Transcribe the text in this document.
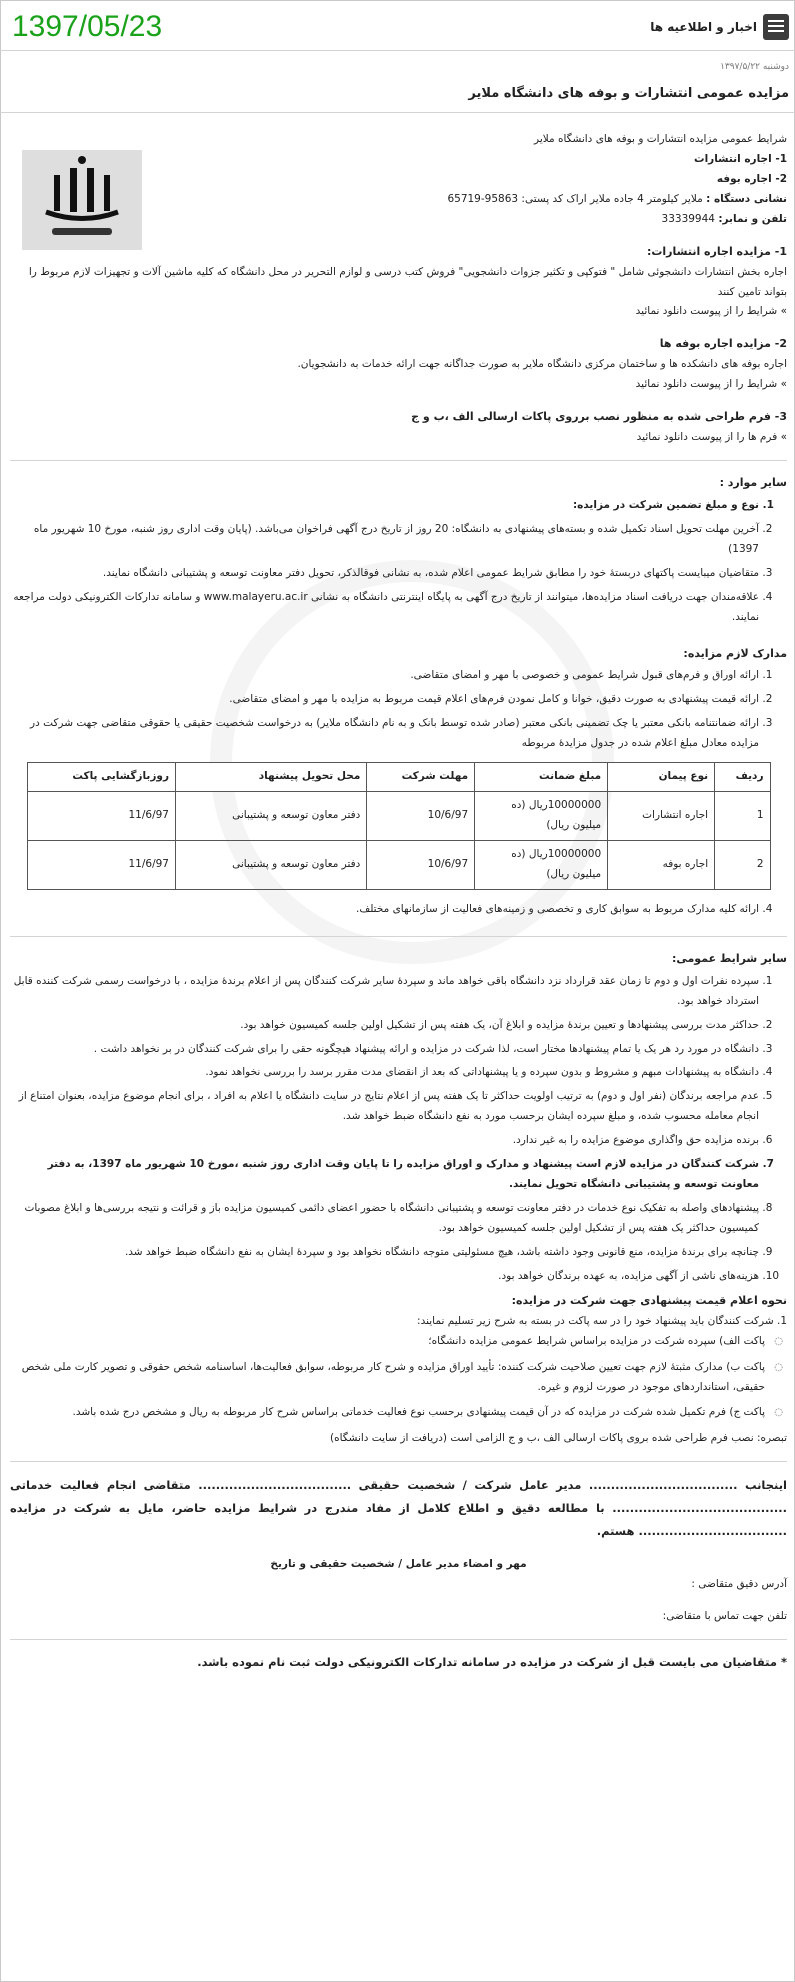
1397/05/23	اخبار و اطلاعیه ها
دوشنبه ۱۳۹۷/۵/۲۲
مزایده عمومی انتشارات و بوفه های دانشگاه ملایر

شرایط عمومی مزایده انتشارات و بوفه های دانشگاه ملایر

1- اجاره انتشارات

2- اجاره بوفه

نشانی دستگاه : ملایر کیلومتر 4 جاده ملایر اراک کد پستی: 95863-65719

تلفن و نمابر: 33339944

1- مزایده اجاره انتشارات:

اجاره بخش انتشارات دانشجوئی شامل " فتوکپی و تکثیر جزوات دانشجویی" فروش کتب درسی و لوازم التحریر در محل دانشگاه که کلیه ماشین آلات و تجهیزات لازم مربوط را بتواند تامین کنند

» شرایط را از پیوست دانلود نمائید

2- مزایده اجاره بوفه ها

اجاره بوفه های دانشکده ها و ساختمان مرکزی دانشگاه ملایر به صورت جداگانه جهت ارائه خدمات به دانشجویان.

» شرایط را از پیوست دانلود نمائید

3- فرم طراحی شده به منظور نصب برروی پاکات ارسالی الف ،ب و ج

» فرم ها را از پیوست دانلود نمائید

سایر موارد :

1. نوع و مبلغ تضمین شرکت در مزایده:
2. آخرین مهلت تحویل اسناد تکمیل شده و بسته‌های پیشنهادی به دانشگاه: 20 روز از تاریخ درج آگهی فراخوان می‌باشد. (پایان وقت اداری روز شنبه، مورخ 10 شهریور ماه 1397)
3. متقاضیان میبایست پاکتهای دربستهٔ خود را مطابق شرایط عمومی اعلام شده، به نشانی فوقالذکر، تحویل دفتر معاونت توسعه و پشتیبانی دانشگاه نمایند.
4. علاقه‌مندان جهت دریافت اسناد مزایده‌ها، میتوانند از تاریخ درج آگهی به پایگاه اینترنتی دانشگاه به نشانی www.malayeru.ac.ir و سامانه تدارکات الکترونیکی دولت مراجعه نمایند.

مدارک لازم مزایده:

1. ارائه اوراق و فرم‌های قبول شرایط عمومی و خصوصی با مهر و امضای متقاضی.
2. ارائه قیمت پیشنهادی به صورت دقیق، خوانا و کامل نمودن فرم‌های اعلام قیمت مربوط به مزایده با مهر و امضای متقاضی.
3. ارائه ضمانتنامه بانکی معتبر یا چک تضمینی بانکی معتبر (صادر شده توسط بانک و به نام دانشگاه ملایر) به درخواست شخصیت حقیقی یا حقوقی متقاضی جهت شرکت در مزایده معادل مبلغ اعلام شده در جدول مزایدهٔ مربوطه
ردیف	نوع پیمان	مبلغ ضمانت	مهلت شرکت	محل تحویل پیشنهاد	روزبازگشایی پاکت
1	اجاره انتشارات	10000000ریال (ده میلیون ریال)	10/6/97	دفتر معاون توسعه و پشتیبانی	11/6/97
2	اجاره بوفه	10000000ریال (ده میلیون ریال)	10/6/97	دفتر معاون توسعه و پشتیبانی	11/6/97
4. ارائه کلیه مدارک مربوط به سوابق کاری و تخصصی و زمینه‌های فعالیت از سازمانهای مختلف.

سایر شرایط عمومی:

1. سپرده نفرات اول و دوم تا زمان عقد قرارداد نزد دانشگاه باقی خواهد ماند و سپردهٔ سایر شرکت کنندگان پس از اعلام برندهٔ مزایده ، با درخواست رسمی شرکت کننده قابل استرداد خواهد بود.
2. حداکثر مدت بررسی پیشنهادها و تعیین برندهٔ مزایده و ابلاغ آن، یک هفته پس از تشکیل اولین جلسه کمیسیون خواهد بود.
3. دانشگاه در مورد رد هر یک یا تمام پیشنهادها مختار است، لذا شرکت در مزایده و ارائه پیشنهاد هیچگونه حقی را برای شرکت کنندگان در بر نخواهد داشت .
4. دانشگاه به پیشنهادات مبهم و مشروط و بدون سپرده و یا پیشنهاداتی که بعد از انقضای مدت مقرر برسد را بررسی نخواهد نمود.
5. عدم مراجعه برندگان (نفر اول و دوم) به ترتیب اولویت حداکثر تا یک هفته پس از اعلام نتایج در سایت دانشگاه یا اعلام به افراد ، برای انجام موضوع مزایده، بعنوان امتناع از انجام معامله محسوب شده، و مبلغ سپرده ایشان برحسب مورد به نفع دانشگاه ضبط خواهد شد.
6. برنده مزایده حق واگذاری موضوع مزایده را به غیر ندارد.
7. شرکت کنندگان در مزایده لازم است پیشنهاد و مدارک و اوراق مزایده را تا پایان وقت اداری روز شنبه ،مورخ 10 شهریور ماه 1397، به دفتر معاونت توسعه و پشتیبانی دانشگاه تحویل نمایند.
8. پیشنهادهای واصله به تفکیک نوع خدمات در دفتر معاونت توسعه و پشتیبانی دانشگاه با حضور اعضای دائمی کمیسیون مزایده باز و قرائت و نتیجه بررسی‌ها و ابلاغ مصوبات کمیسیون حداکثر یک هفته پس از تشکیل اولین جلسه کمیسیون خواهد بود.
9. چنانچه برای برندهٔ مزایده، منع قانونی وجود داشته باشد، هیچ مسئولیتی متوجه دانشگاه نخواهد بود و سپردهٔ ایشان به نفع دانشگاه ضبط خواهد شد.
10. هزینه‌های ناشی از آگهی مزایده، به عهده برندگان خواهد بود.

نحوه اعلام قیمت پیشنهادی جهت شرکت در مزایده:

1. شرکت کنندگان باید پیشنهاد خود را در سه پاکت در بسته به شرح زیر تسلیم نمایند:

◌ پاکت الف) سپرده شرکت در مزایده براساس شرایط عمومی مزایده دانشگاه؛
◌ پاکت ب) مدارک مثبتهٔ لازم جهت تعیین صلاحیت شرکت کننده: تأیید اوراق مزایده و شرح کار مربوطه، سوابق فعالیت‌ها، اساسنامه شخص حقوقی و تصویر کارت ملی شخص حقیقی، استانداردهای موجود در صورت لزوم و غیره.
◌ پاکت ج) فرم تکمیل شده شرکت در مزایده که در آن قیمت پیشنهادی برحسب نوع فعالیت خدماتی براساس شرح کار مربوطه به ریال و مشخص درج شده باشد.

تبصره: نصب فرم طراحی شده بروی پاکات ارسالی الف ،ب و ج الزامی است (دریافت از سایت دانشگاه)

اینجانب .................................. مدیر عامل شرکت / شخصیت حقیقی ................................... متقاضی انجام فعالیت خدماتی ........................................ با مطالعه دقیق و اطلاع کلامل از مفاد مندرج در شرایط مزایده حاضر، مایل به شرکت در مزایده .................................. هستم.

مهر و امضاء مدیر عامل / شخصیت حقیقی و تاریخ

آدرس دقیق متقاضی :

تلفن جهت تماس با متقاضی:

* متقاضیان می بایست قبل از شرکت در مزایده در سامانه تدارکات الکترونیکی دولت ثبت نام نموده باشد.
